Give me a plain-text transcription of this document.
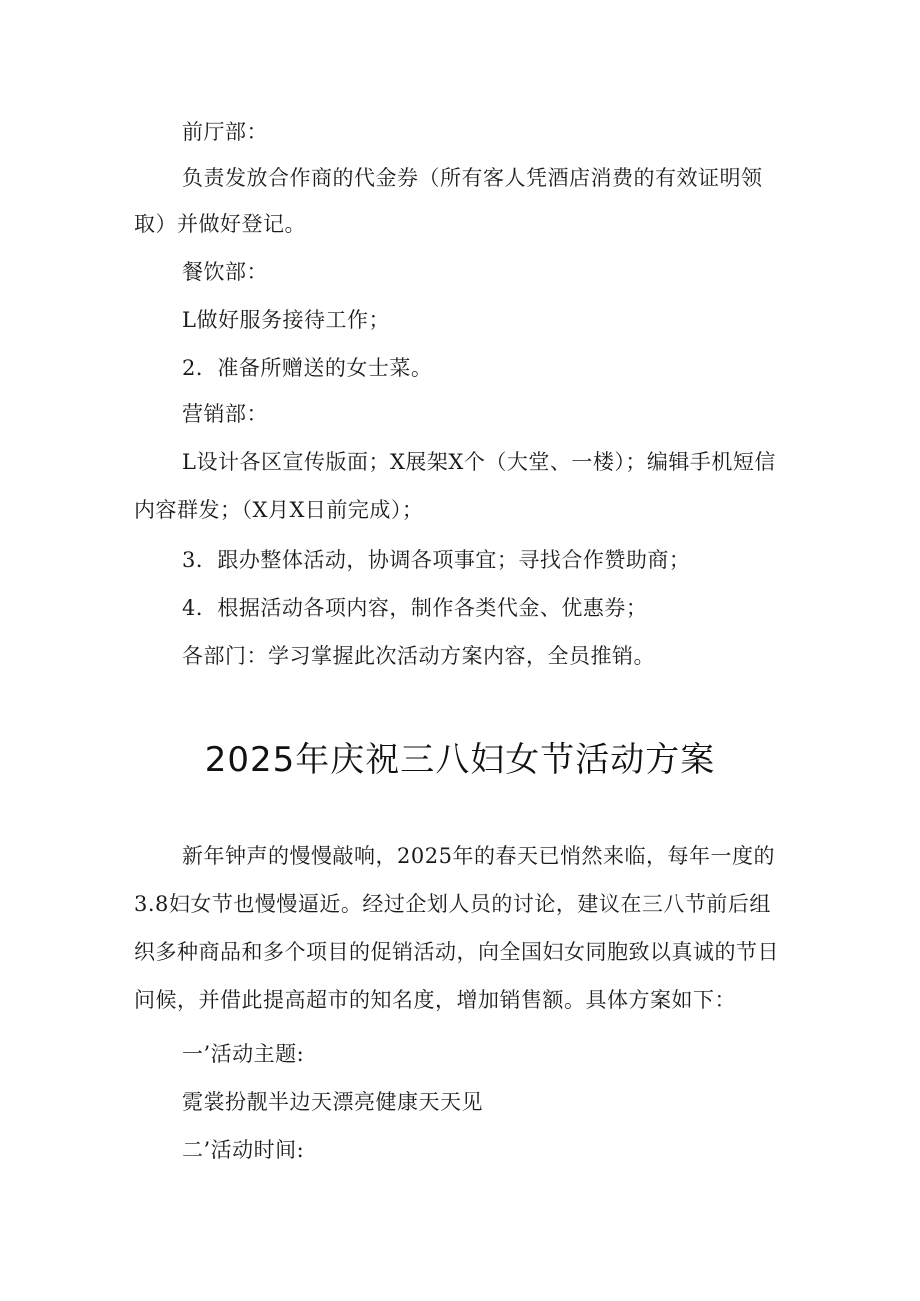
前厅部：
负责发放合作商的代金券（所有客人凭酒店消费的有效证明领
取）并做好登记。
餐饮部：
L做好服务接待工作；
2．准备所赠送的女士菜。
营销部：
L设计各区宣传版面；X展架X个（大堂、一楼）；编辑手机短信
内容群发；（X月X日前完成）；
3．跟办整体活动，协调各项事宜；寻找合作赞助商；
4．根据活动各项内容，制作各类代金、优惠券；
各部门：学习掌握此次活动方案内容，全员推销。
2025年庆祝三八妇女节活动方案
新年钟声的慢慢敲响，2025年的春天已悄然来临，每年一度的
3.8妇女节也慢慢逼近。经过企划人员的讨论，建议在三八节前后组
织多种商品和多个项目的促销活动，向全国妇女同胞致以真诚的节日
问候，并借此提高超市的知名度，增加销售额。具体方案如下：
一’活动主题:
霓裳扮靓半边天漂亮健康天天见
二’活动时间:
